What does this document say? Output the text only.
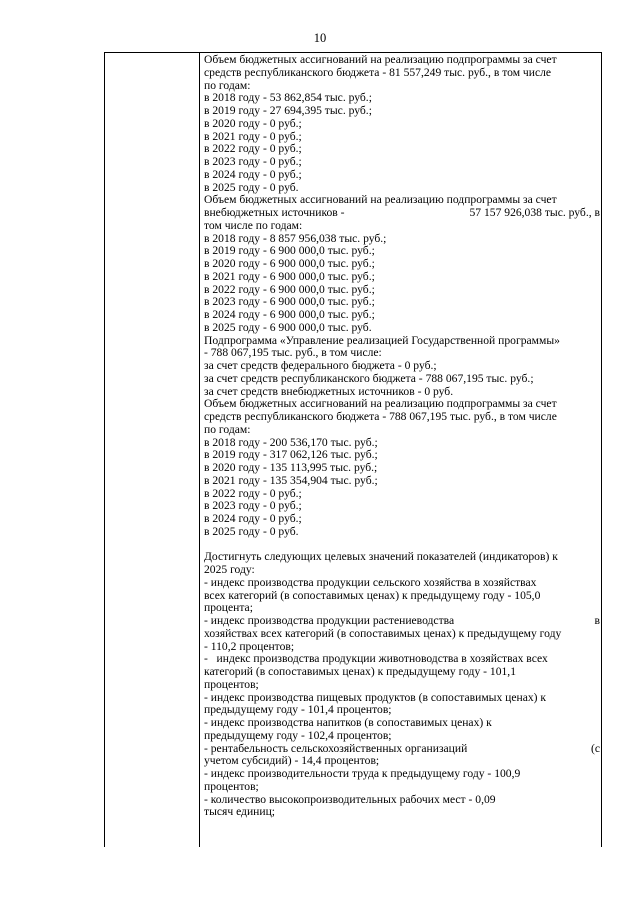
10
Объем бюджетных ассигнований на реализацию подпрограммы за счет
средств республиканского бюджета - 81 557,249 тыс. руб., в том числе
по годам:
в 2018 году - 53 862,854 тыс. руб.;
в 2019 году - 27 694,395 тыс. руб.;
в 2020 году - 0 руб.;
в 2021 году - 0 руб.;
в 2022 году - 0 руб.;
в 2023 году - 0 руб.;
в 2024 году - 0 руб.;
в 2025 году - 0 руб.
Объем бюджетных ассигнований на реализацию подпрограммы за счет
внебюджетных источников -	57 157 926,038 тыс. руб., в
том числе по годам:
в 2018 году - 8 857 956,038 тыс. руб.;
в 2019 году - 6 900 000,0 тыс. руб.;
в 2020 году - 6 900 000,0 тыс. руб.;
в 2021 году - 6 900 000,0 тыс. руб.;
в 2022 году - 6 900 000,0 тыс. руб.;
в 2023 году - 6 900 000,0 тыс. руб.;
в 2024 году - 6 900 000,0 тыс. руб.;
в 2025 году - 6 900 000,0 тыс. руб.
Подпрограмма «Управление реализацией Государственной программы»
- 788 067,195 тыс. руб., в том числе:
за счет средств федерального бюджета - 0 руб.;
за счет средств республиканского бюджета - 788 067,195 тыс. руб.;
за счет средств внебюджетных источников - 0 руб.
Объем бюджетных ассигнований на реализацию подпрограммы за счет
средств республиканского бюджета - 788 067,195 тыс. руб., в том числе
по годам:
в 2018 году - 200 536,170 тыс. руб.;
в 2019 году - 317 062,126 тыс. руб.;
в 2020 году - 135 113,995 тыс. руб.;
в 2021 году - 135 354,904 тыс. руб.;
в 2022 году - 0 руб.;
в 2023 году - 0 руб.;
в 2024 году - 0 руб.;
в 2025 году - 0 руб.
Достигнуть следующих целевых значений показателей (индикаторов) к
2025 году:
- индекс производства продукции сельского хозяйства в хозяйствах
всех категорий (в сопоставимых ценах) к предыдущему году - 105,0
процента;
- индекс производства продукции растениеводства	в
хозяйствах всех категорий (в сопоставимых ценах) к предыдущему году
- 110,2 процентов;
-   индекс производства продукции животноводства в хозяйствах всех
категорий (в сопоставимых ценах) к предыдущему году - 101,1
процентов;
- индекс производства пищевых продуктов (в сопоставимых ценах) к
предыдущему году - 101,4 процентов;
- индекс производства напитков (в сопоставимых ценах) к
предыдущему году - 102,4 процентов;
- рентабельность сельскохозяйственных организаций	(с
учетом субсидий) - 14,4 процентов;
- индекс производительности труда к предыдущему году - 100,9
процентов;
- количество высокопроизводительных рабочих мест - 0,09
тысяч единиц;
